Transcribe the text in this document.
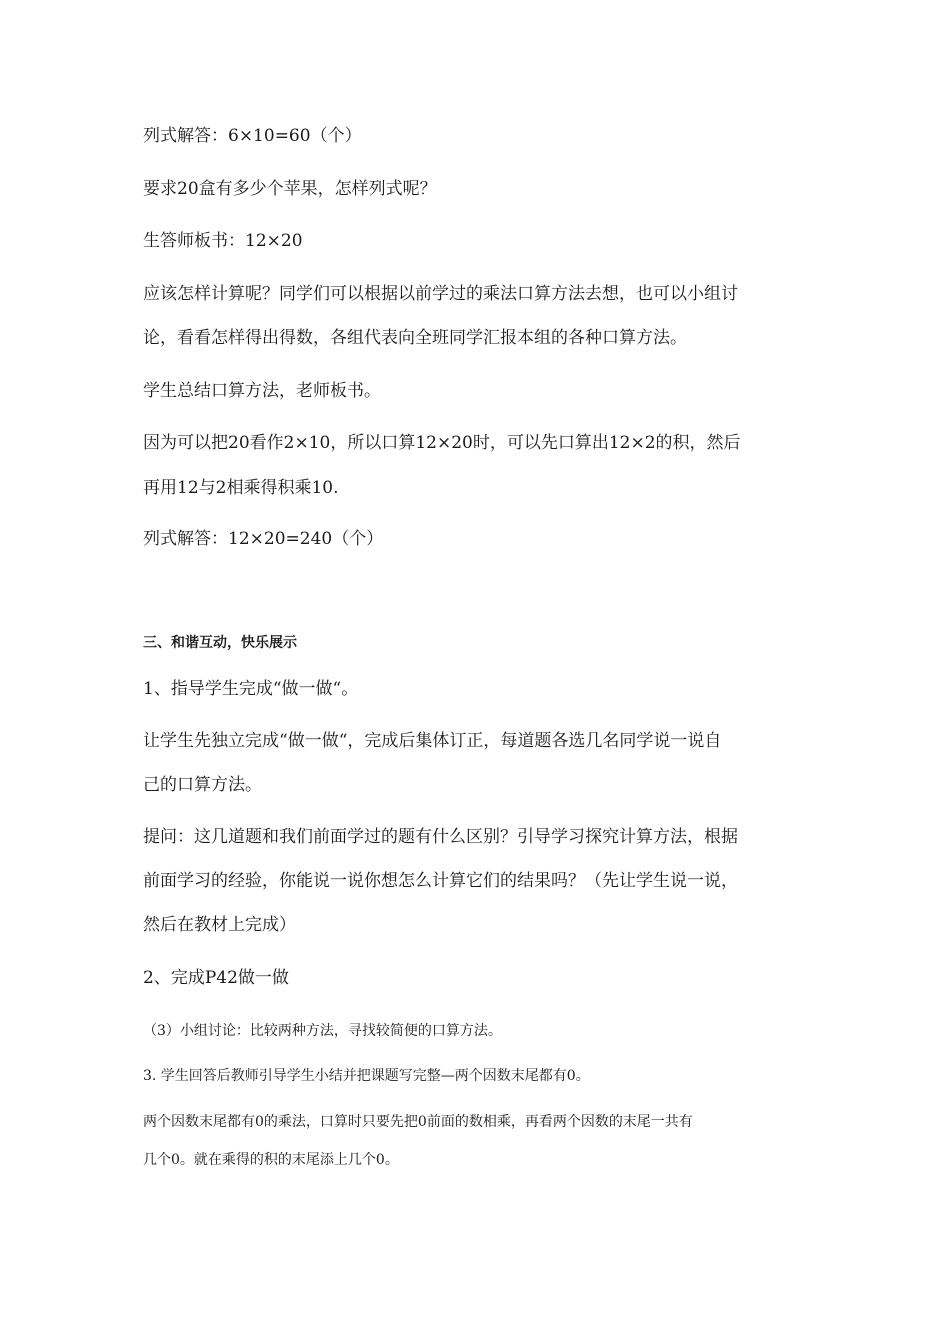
列式解答：6×10=60（个）
要求20盒有多少个苹果，怎样列式呢？
生答师板书：12×20
应该怎样计算呢？同学们可以根据以前学过的乘法口算方法去想，也可以小组讨
论，看看怎样得出得数，各组代表向全班同学汇报本组的各种口算方法。
学生总结口算方法，老师板书。
因为可以把20看作2×10，所以口算12×20时，可以先口算出12×2的积，然后
再用12与2相乘得积乘10.
列式解答：12×20=240（个）
三、和谐互动，快乐展示
1、指导学生完成“做一做“。
让学生先独立完成“做一做“，完成后集体订正，每道题各选几名同学说一说自
己的口算方法。
提问：这几道题和我们前面学过的题有什么区别？引导学习探究计算方法，根据
前面学习的经验，你能说一说你想怎么计算它们的结果吗？（先让学生说一说，
然后在教材上完成）
2、完成P42做一做
（3）小组讨论：比较两种方法，寻找较简便的口算方法。
3. 学生回答后教师引导学生小结并把课题写完整—两个因数末尾都有0。
两个因数末尾都有0的乘法，口算时只要先把0前面的数相乘，再看两个因数的末尾一共有
几个0。就在乘得的积的末尾添上几个0。
